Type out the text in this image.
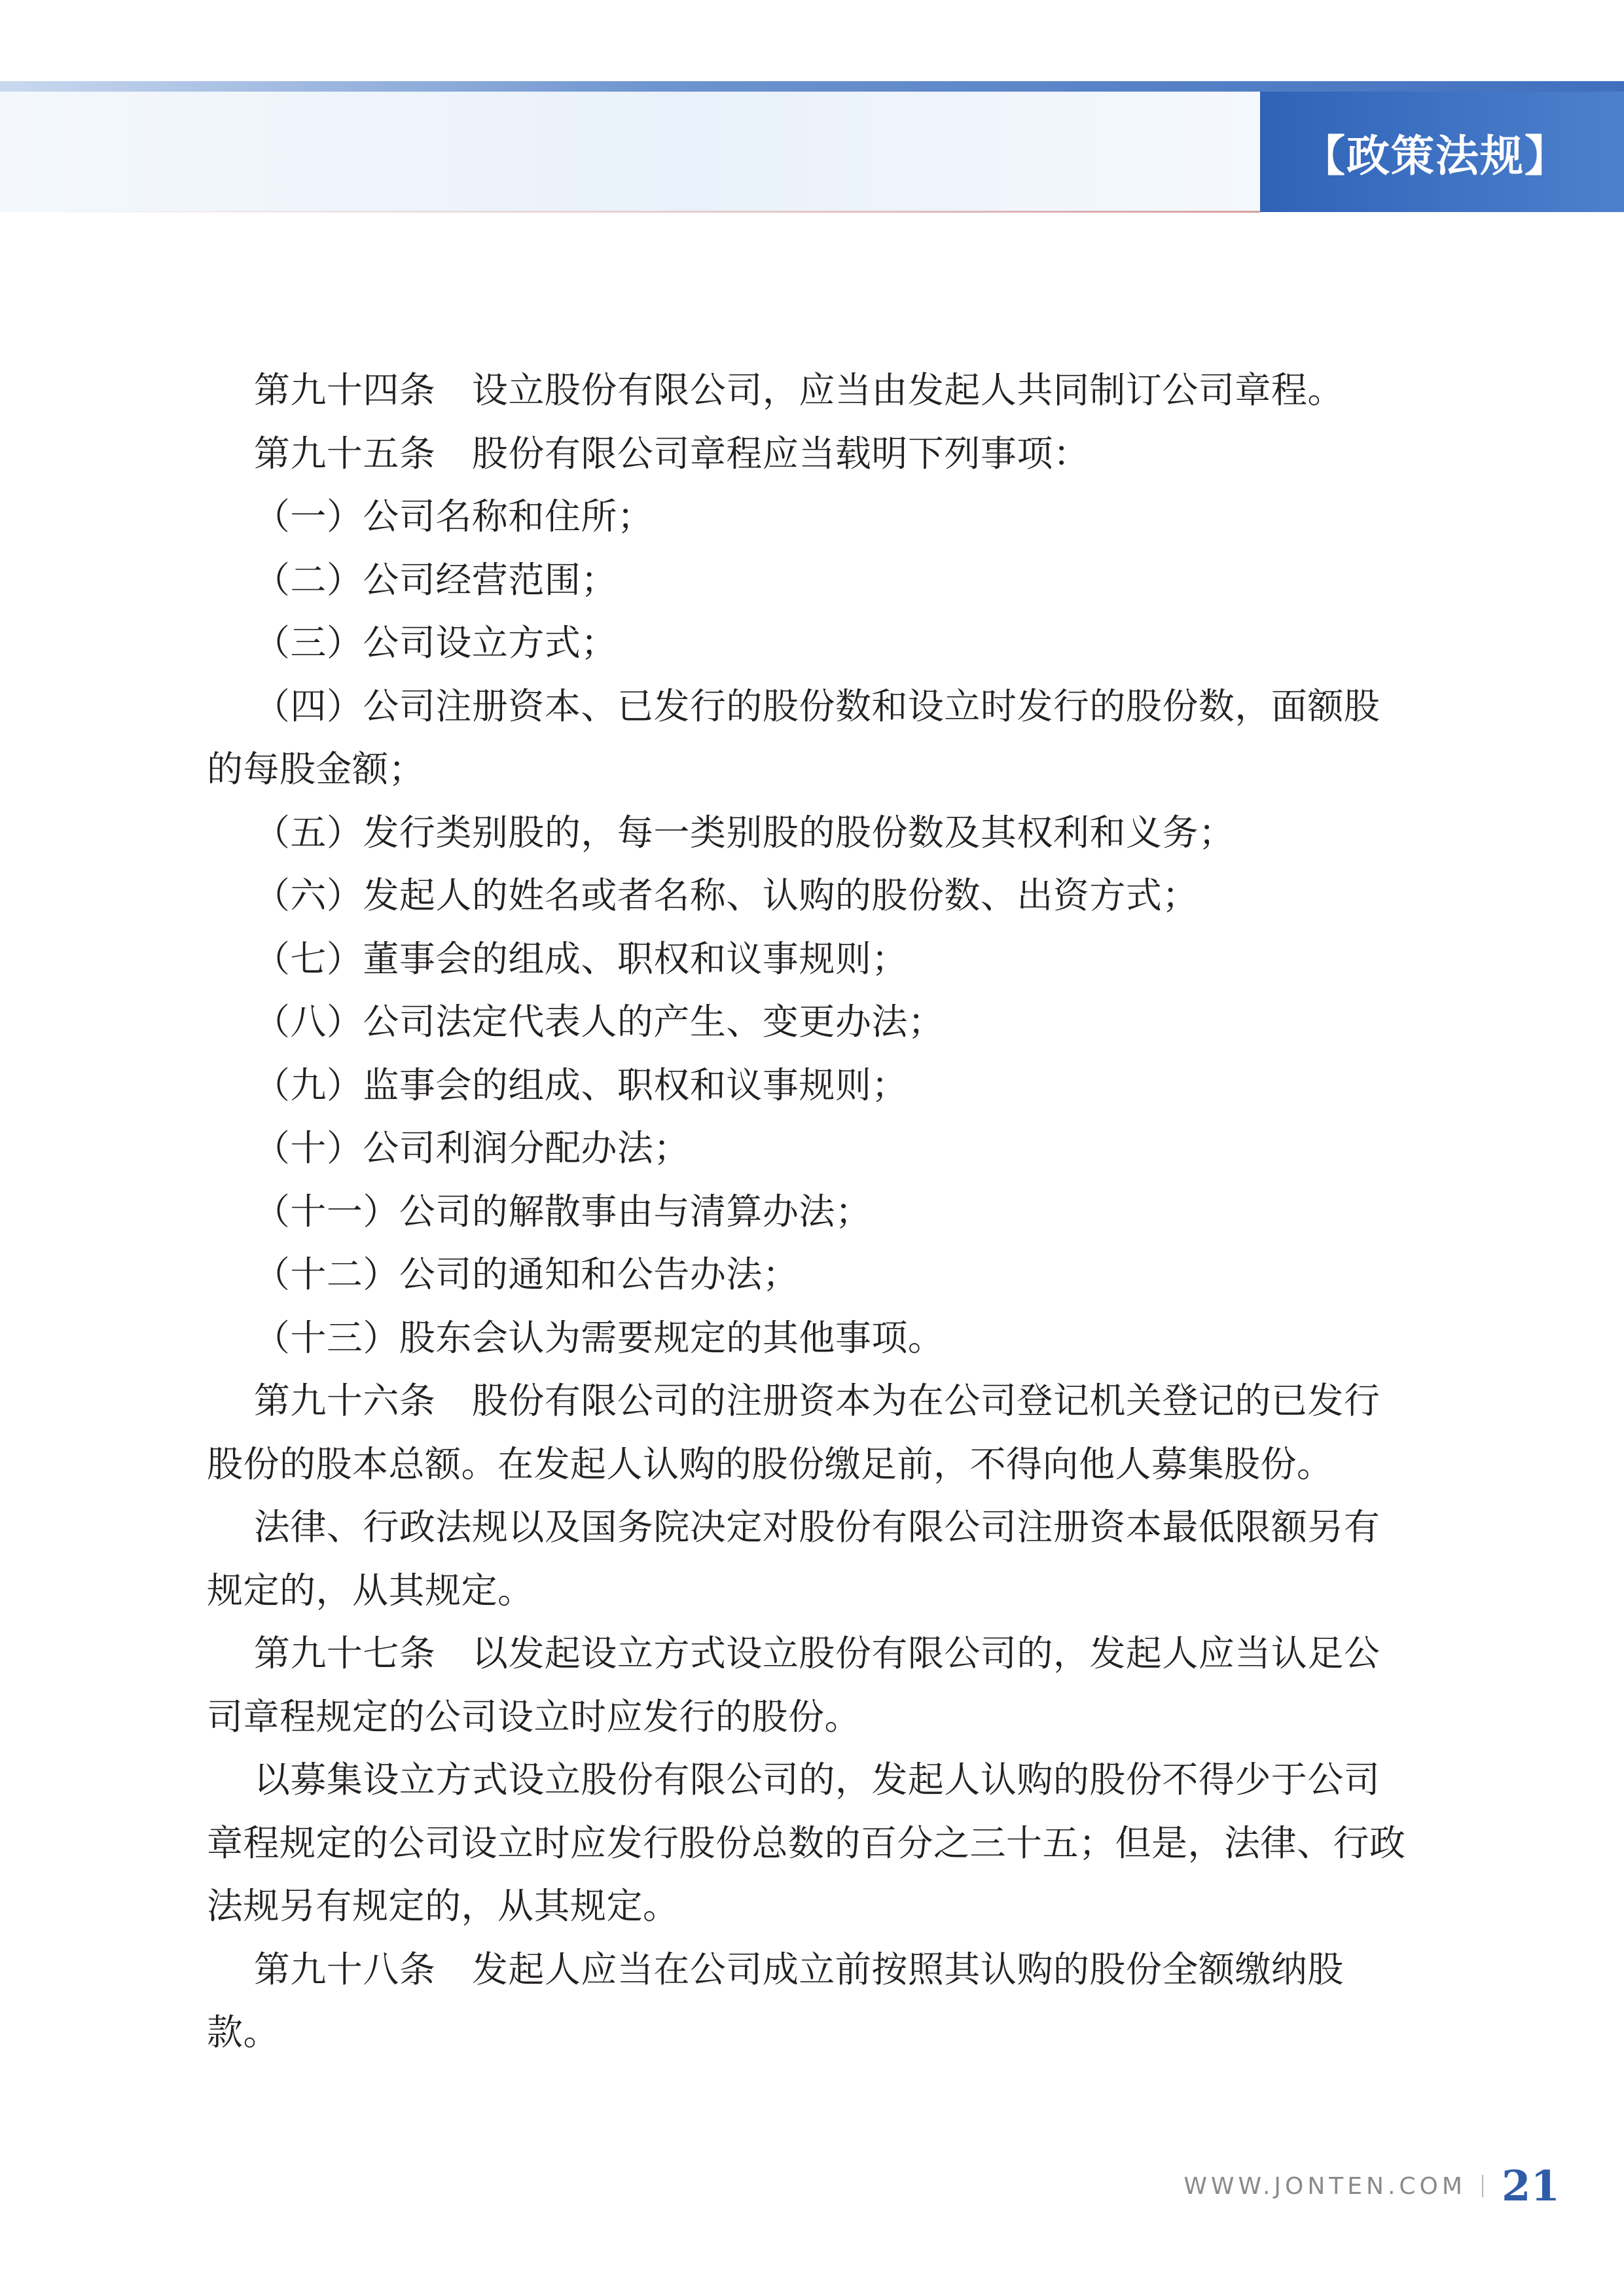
【政策法规】

第九十四条　设立股份有限公司，应当由发起人共同制订公司章程。

第九十五条　股份有限公司章程应当载明下列事项：

（一）公司名称和住所；

（二）公司经营范围；

（三）公司设立方式；

（四）公司注册资本、已发行的股份数和设立时发行的股份数，面额股

的每股金额；

（五）发行类别股的，每一类别股的股份数及其权利和义务；

（六）发起人的姓名或者名称、认购的股份数、出资方式；

（七）董事会的组成、职权和议事规则；

（八）公司法定代表人的产生、变更办法；

（九）监事会的组成、职权和议事规则；

（十）公司利润分配办法；

（十一）公司的解散事由与清算办法；

（十二）公司的通知和公告办法；

（十三）股东会认为需要规定的其他事项。

第九十六条　股份有限公司的注册资本为在公司登记机关登记的已发行

股份的股本总额。在发起人认购的股份缴足前，不得向他人募集股份。

法律、行政法规以及国务院决定对股份有限公司注册资本最低限额另有

规定的，从其规定。

第九十七条　以发起设立方式设立股份有限公司的，发起人应当认足公

司章程规定的公司设立时应发行的股份。

以募集设立方式设立股份有限公司的，发起人认购的股份不得少于公司

章程规定的公司设立时应发行股份总数的百分之三十五；但是，法律、行政

法规另有规定的，从其规定。

第九十八条　发起人应当在公司成立前按照其认购的股份全额缴纳股

款。

WWW.JONTEN.COM 21
